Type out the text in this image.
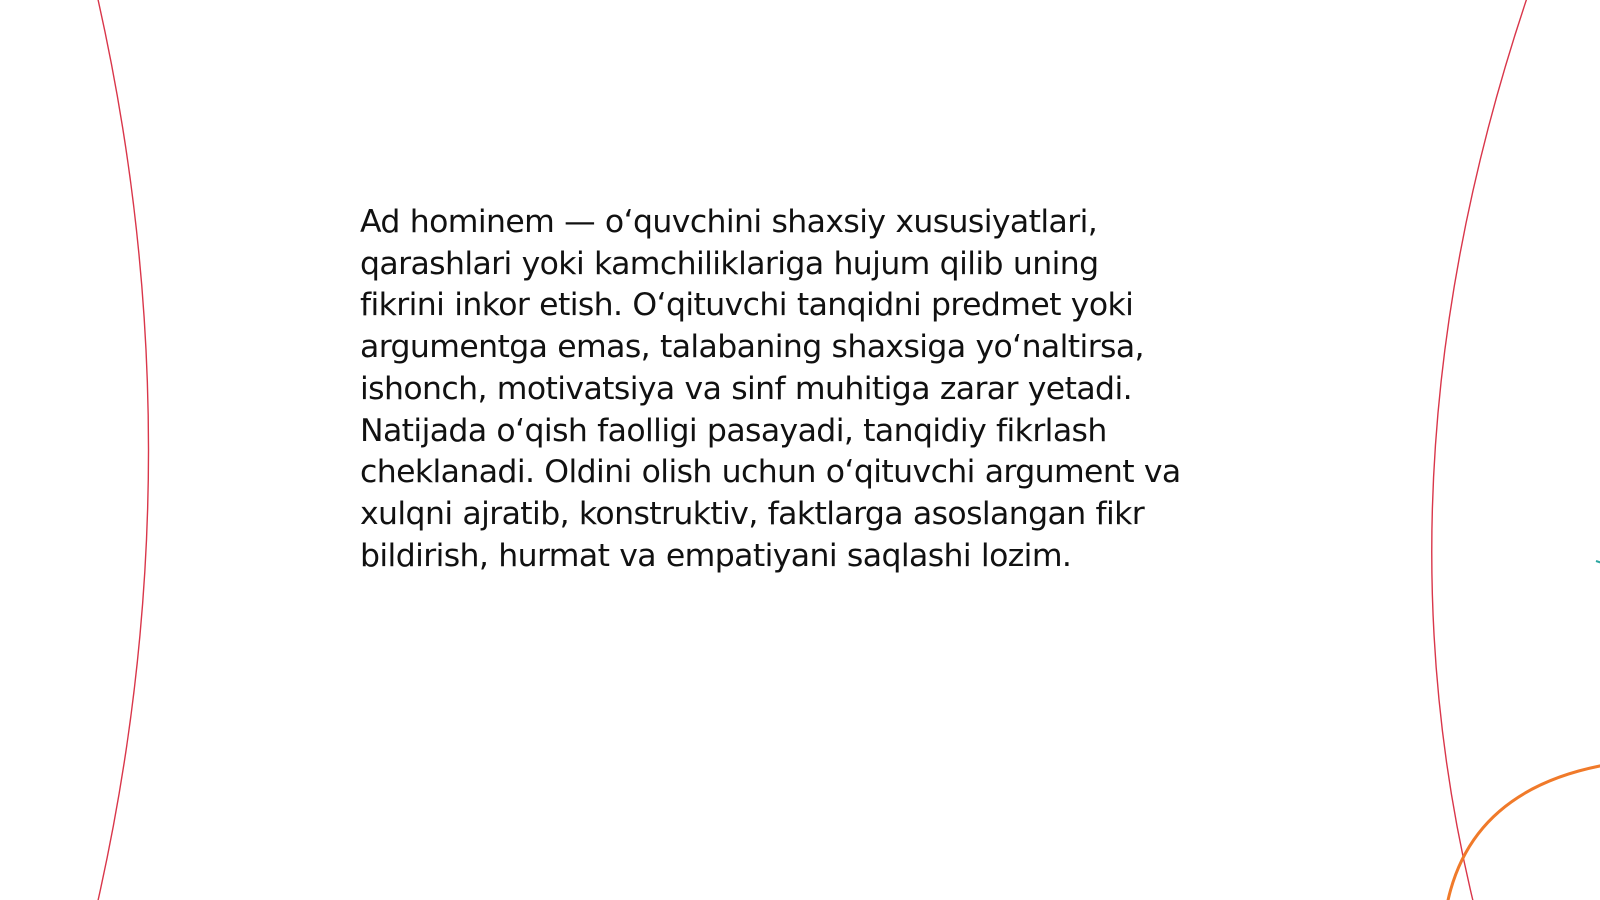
Ad hominem — o‘quvchini shaxsiy xususiyatlari,
qarashlari yoki kamchiliklariga hujum qilib uning
fikrini inkor etish. O‘qituvchi tanqidni predmet yoki
argumentga emas, talabaning shaxsiga yo‘naltirsa,
ishonch, motivatsiya va sinf muhitiga zarar yetadi.
Natijada o‘qish faolligi pasayadi, tanqidiy fikrlash
cheklanadi. Oldini olish uchun o‘qituvchi argument va
xulqni ajratib, konstruktiv, faktlarga asoslangan fikr
bildirish, hurmat va empatiyani saqlashi lozim.
